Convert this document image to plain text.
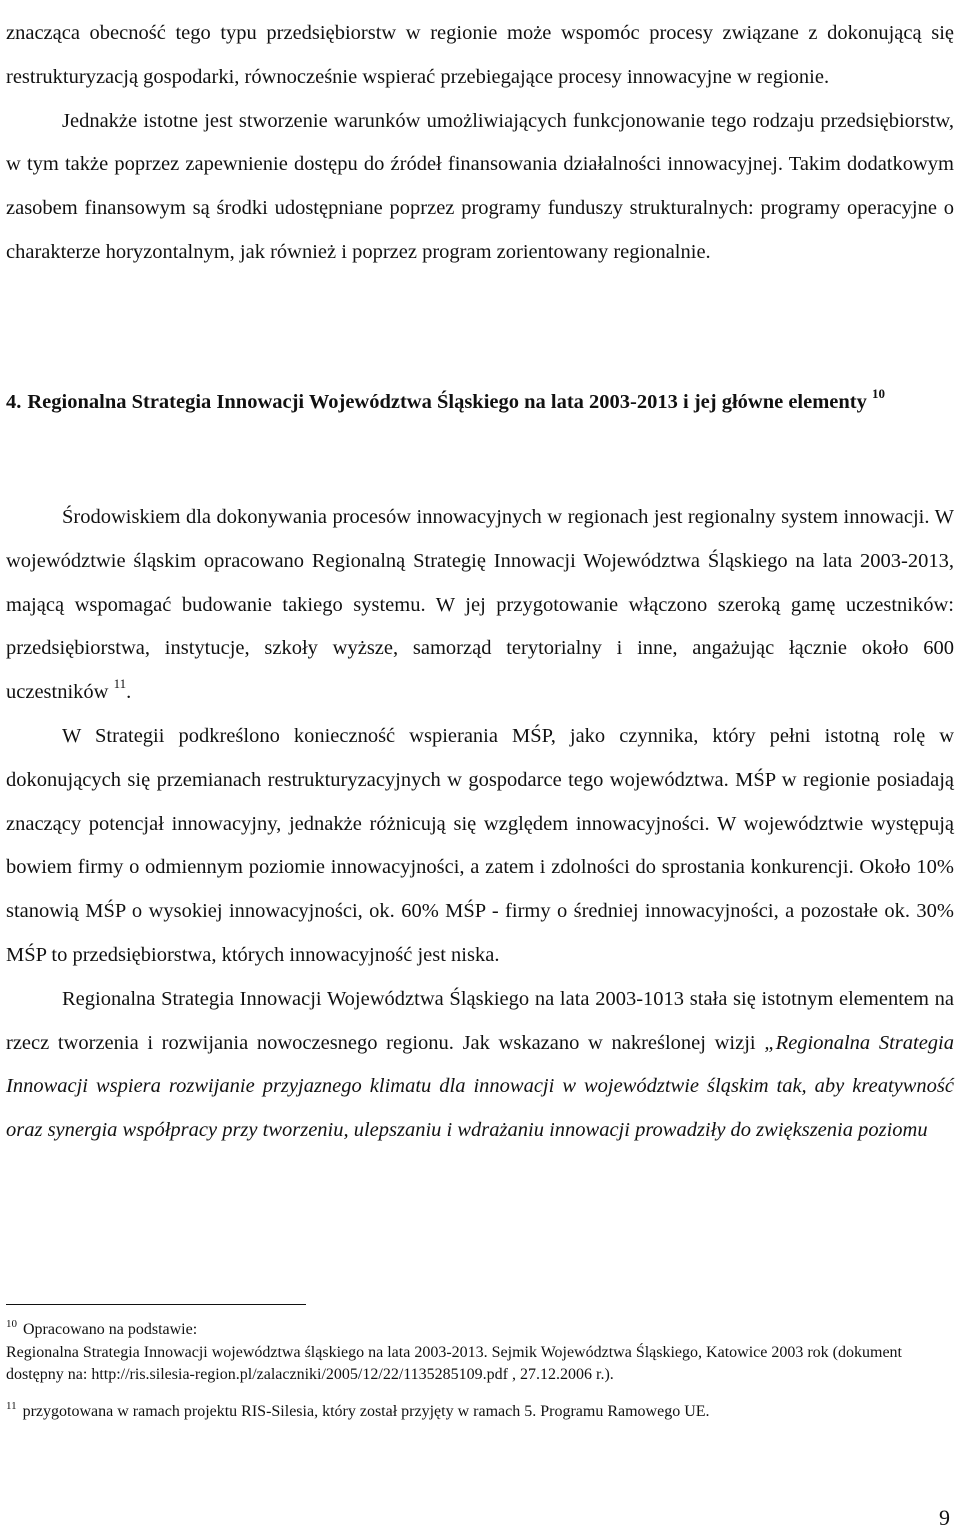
znacząca obecność tego typu przedsiębiorstw w regionie może wspomóc procesy związane z dokonującą się restrukturyzacją gospodarki, równocześnie wspierać przebiegające procesy innowacyjne w regionie.

Jednakże istotne jest stworzenie warunków umożliwiających funkcjonowanie tego rodzaju przedsiębiorstw, w tym także poprzez zapewnienie dostępu do źródeł finansowania działalności innowacyjnej. Takim dodatkowym zasobem finansowym są środki udostępniane poprzez programy funduszy strukturalnych: programy operacyjne o charakterze horyzontalnym, jak również i poprzez program zorientowany regionalnie.

4. Regionalna Strategia Innowacji Województwa Śląskiego na lata 2003-2013 i jej główne elementy $^{10}$

Środowiskiem dla dokonywania procesów innowacyjnych w regionach jest regionalny system innowacji. W województwie śląskim opracowano Regionalną Strategię Innowacji Województwa Śląskiego na lata 2003-2013, mającą wspomagać budowanie takiego systemu. W jej przygotowanie włączono szeroką gamę uczestników: przedsiębiorstwa, instytucje, szkoły wyższe, samorząd terytorialny i inne, angażując łącznie około 600 uczestników $^{11}$.

W Strategii podkreślono konieczność wspierania MŚP, jako czynnika, który pełni istotną rolę w dokonujących się przemianach restrukturyzacyjnych w gospodarce tego województwa. MŚP w regionie posiadają znaczący potencjał innowacyjny, jednakże różnicują się względem innowacyjności. W województwie występują bowiem firmy o odmiennym poziomie innowacyjności, a zatem i zdolności do sprostania konkurencji. Około 10% stanowią MŚP o wysokiej innowacyjności, ok. 60% MŚP - firmy o średniej innowacyjności, a pozostałe ok. 30% MŚP to przedsiębiorstwa, których innowacyjność jest niska.

Regionalna Strategia Innowacji Województwa Śląskiego na lata 2003-1013 stała się istotnym elementem na rzecz tworzenia i rozwijania nowoczesnego regionu. Jak wskazano w nakreślonej wizji „Regionalna Strategia Innowacji wspiera rozwijanie przyjaznego klimatu dla innowacji w województwie śląskim tak, aby kreatywność oraz synergia współpracy przy tworzeniu, ulepszaniu i wdrażaniu innowacji prowadziły do zwiększenia poziomu

$^{10}$ Opracowano na podstawie:
Regionalna Strategia Innowacji województwa śląskiego na lata 2003-2013. Sejmik Województwa Śląskiego, Katowice 2003 rok (dokument dostępny na: http://ris.silesia-region.pl/zalaczniki/2005/12/22/1135285109.pdf , 27.12.2006 r.).

$^{11}$ przygotowana w ramach projektu RIS-Silesia, który został przyjęty w ramach 5. Programu Ramowego UE.

9
